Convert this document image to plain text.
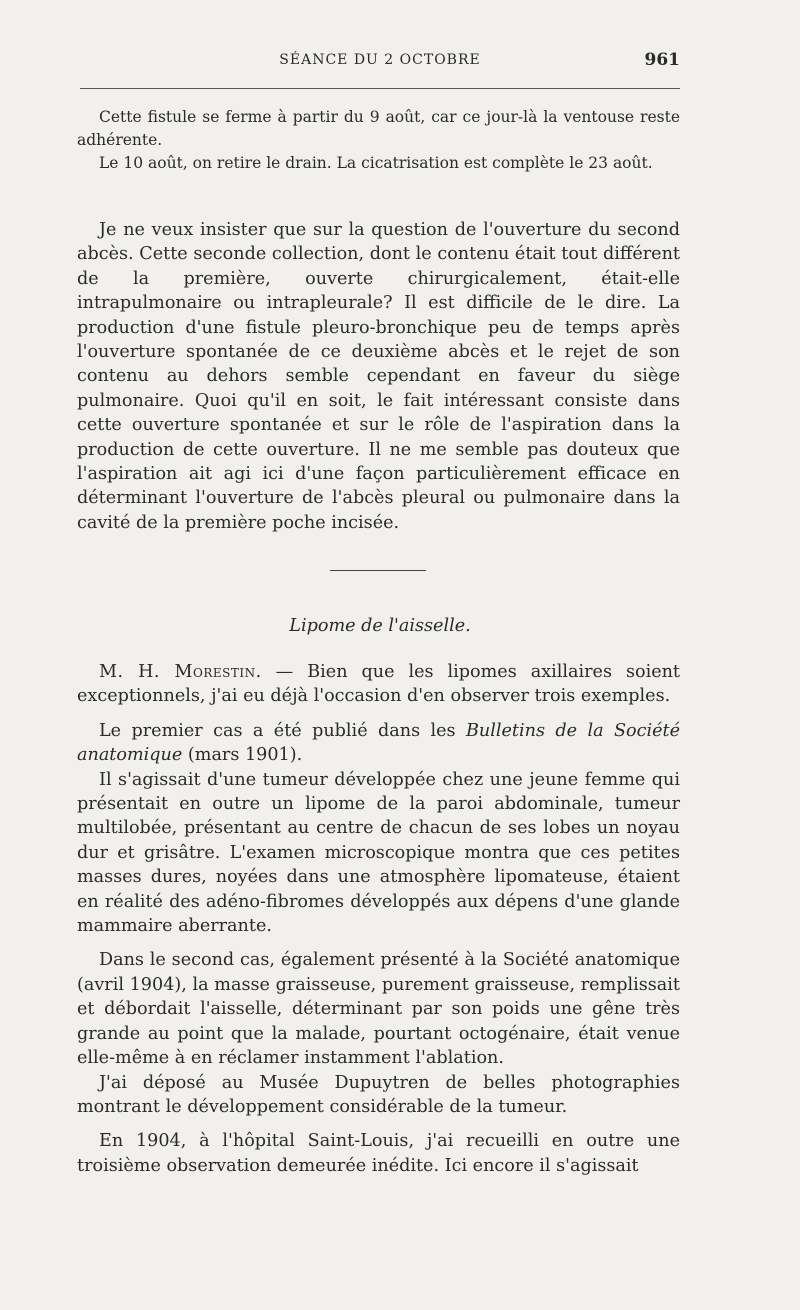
SÉANCE DU 2 OCTOBRE	961

Cette fistule se ferme à partir du 9 août, car ce jour-là la ventouse reste adhérente.

Le 10 août, on retire le drain. La cicatrisation est complète le 23 août.

Je ne veux insister que sur la question de l'ouverture du second abcès. Cette seconde collection, dont le contenu était tout différent de la première, ouverte chirurgicalement, était-elle intrapulmonaire ou intrapleurale? Il est difficile de le dire. La production d'une fistule pleuro-bronchique peu de temps après l'ouverture spontanée de ce deuxième abcès et le rejet de son contenu au dehors semble cependant en faveur du siège pulmonaire. Quoi qu'il en soit, le fait intéressant consiste dans cette ouverture spontanée et sur le rôle de l'aspiration dans la production de cette ouverture. Il ne me semble pas douteux que l'aspiration ait agi ici d'une façon particulièrement efficace en déterminant l'ouverture de l'abcès pleural ou pulmonaire dans la cavité de la première poche incisée.

Lipome de l'aisselle.

M. H. Morestin. — Bien que les lipomes axillaires soient exceptionnels, j'ai eu déjà l'occasion d'en observer trois exemples.

Le premier cas a été publié dans les Bulletins de la Société anatomique (mars 1901).

Il s'agissait d'une tumeur développée chez une jeune femme qui présentait en outre un lipome de la paroi abdominale, tumeur multilobée, présentant au centre de chacun de ses lobes un noyau dur et grisâtre. L'examen microscopique montra que ces petites masses dures, noyées dans une atmosphère lipomateuse, étaient en réalité des adéno-fibromes développés aux dépens d'une glande mammaire aberrante.

Dans le second cas, également présenté à la Société anatomique (avril 1904), la masse graisseuse, purement graisseuse, remplissait et débordait l'aisselle, déterminant par son poids une gêne très grande au point que la malade, pourtant octogénaire, était venue elle-même à en réclamer instamment l'ablation.

J'ai déposé au Musée Dupuytren de belles photographies montrant le développement considérable de la tumeur.

En 1904, à l'hôpital Saint-Louis, j'ai recueilli en outre une troisième observation demeurée inédite. Ici encore il s'agissait
